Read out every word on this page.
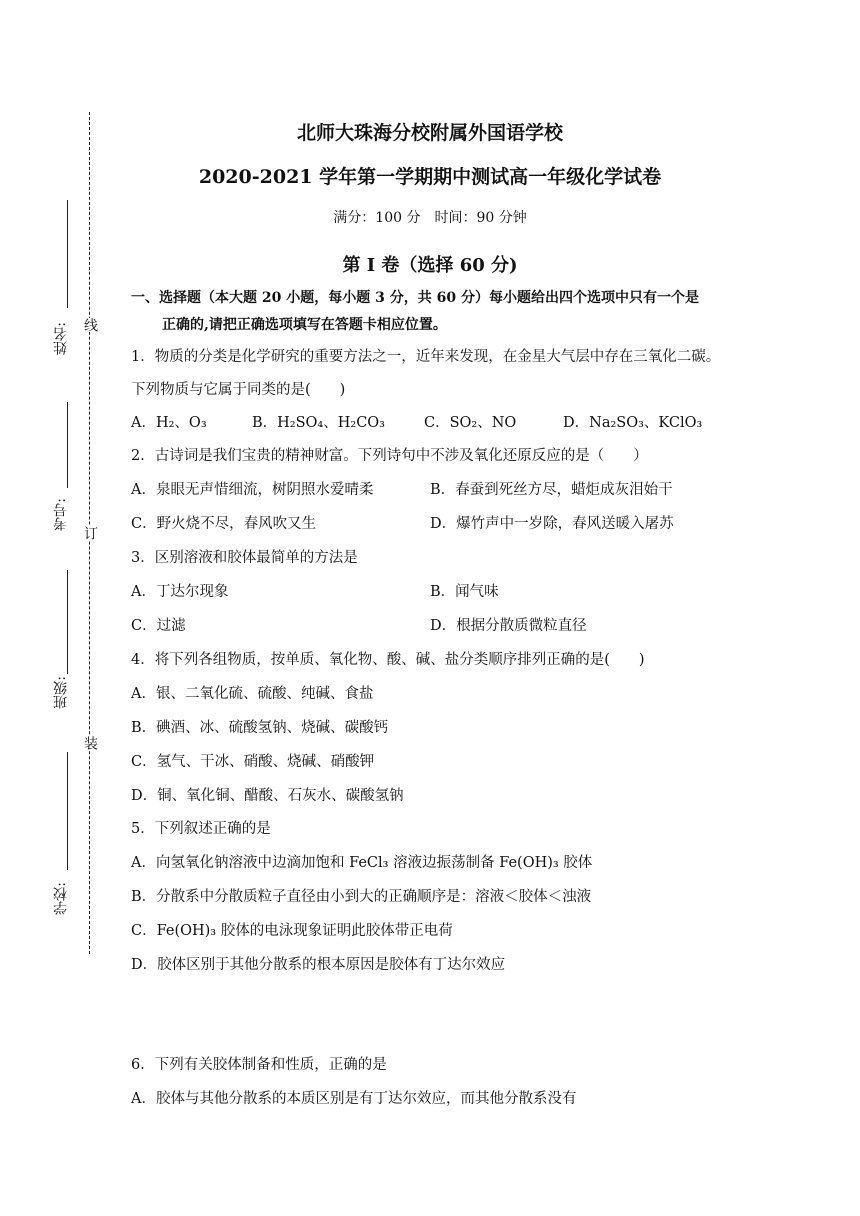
姓名:
考号:
班级:
学校:
线
订
装
北师大珠海分校附属外国语学校
2020-2021 学年第一学期期中测试高一年级化学试卷
满分：100 分　时间：90 分钟
第 I 卷（选择 60 分)
一、选择题（本大题 20 小题，每小题 3 分，共 60 分）每小题给出四个选项中只有一个是
正确的,请把正确选项填写在答题卡相应位置。
1．物质的分类是化学研究的重要方法之一，近年来发现，在金星大气层中存在三氧化二碳。
下列物质与它属于同类的是(　　)
A．H₂、O₃	B．H₂SO₄、H₂CO₃	C．SO₂、NO	D．Na₂SO₃、KClO₃
2．古诗词是我们宝贵的精神财富。下列诗句中不涉及氧化还原反应的是（　　）
A．泉眼无声惜细流，树阴照水爱晴柔	B．春蚕到死丝方尽，蜡炬成灰泪始干
C．野火烧不尽，春风吹又生	D．爆竹声中一岁除，春风送暖入屠苏
3．区别溶液和胶体最简单的方法是
A．丁达尔现象	B．闻气味
C．过滤	D．根据分散质微粒直径
4．将下列各组物质，按单质、氧化物、酸、碱、盐分类顺序排列正确的是(　　)
A．银、二氧化硫、硫酸、纯碱、食盐
B．碘酒、冰、硫酸氢钠、烧碱、碳酸钙
C．氢气、干冰、硝酸、烧碱、硝酸钾
D．铜、氧化铜、醋酸、石灰水、碳酸氢钠
5．下列叙述正确的是
A．向氢氧化钠溶液中边滴加饱和 FeCl₃ 溶液边振荡制备 Fe(OH)₃ 胶体
B．分散系中分散质粒子直径由小到大的正确顺序是：溶液＜胶体＜浊液
C．Fe(OH)₃ 胶体的电泳现象证明此胶体带正电荷
D．胶体区别于其他分散系的根本原因是胶体有丁达尔效应
6．下列有关胶体制备和性质，正确的是
A．胶体与其他分散系的本质区别是有丁达尔效应，而其他分散系没有
